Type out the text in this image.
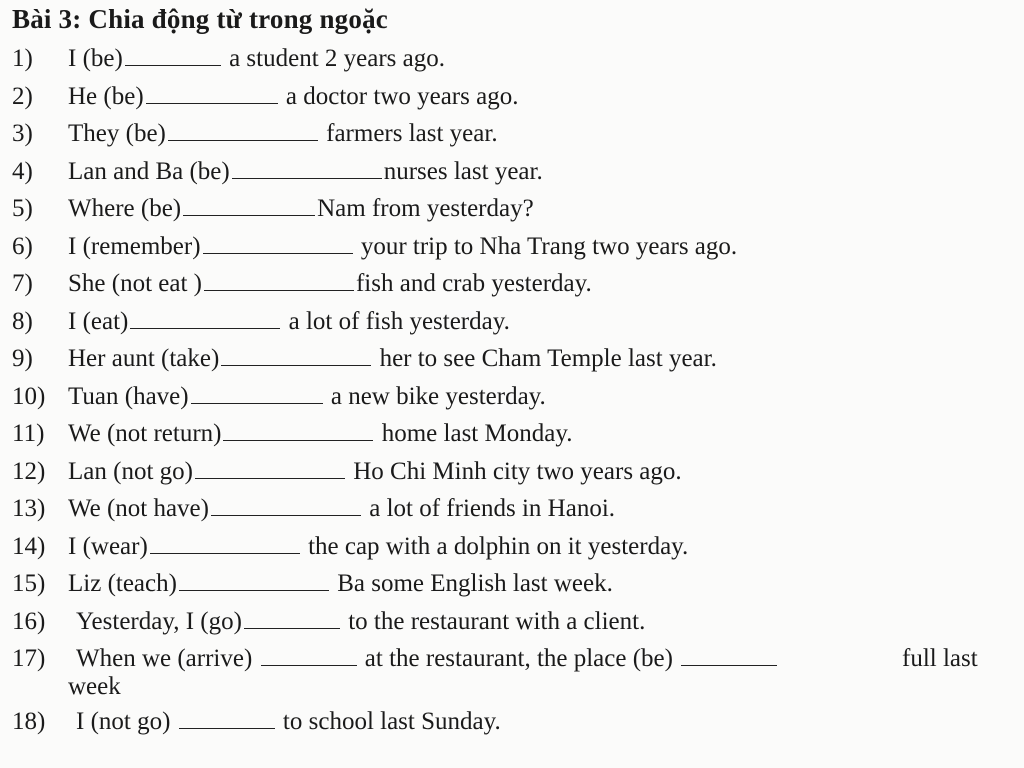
Bài 3: Chia động từ trong ngoặc
1) I (be)	a student 2 years ago.
2) He (be)	a doctor two years ago.
3) They (be)	farmers last year.
4) Lan and Ba (be)	nurses last year.
5) Where (be)	Nam from yesterday?
6) I (remember)	your trip to Nha Trang two years ago.
7) She (not eat )	fish and crab yesterday.
8) I (eat)	a lot of fish yesterday.
9) Her aunt (take)	her to see Cham Temple last year.
10) Tuan (have)	a new bike yesterday.
11) We (not return)	home last Monday.
12) Lan (not go)	Ho Chi Minh city two years ago.
13) We (not have)	a lot of friends in Hanoi.
14) I (wear)	the cap with a dolphin on it yesterday.
15) Liz (teach)	Ba some English last week.
16) Yesterday, I (go)	to the restaurant with a client.
17) When we (arrive)	at the restaurant, the place (be)	full last
week
18) I (not go)	to school last Sunday.
